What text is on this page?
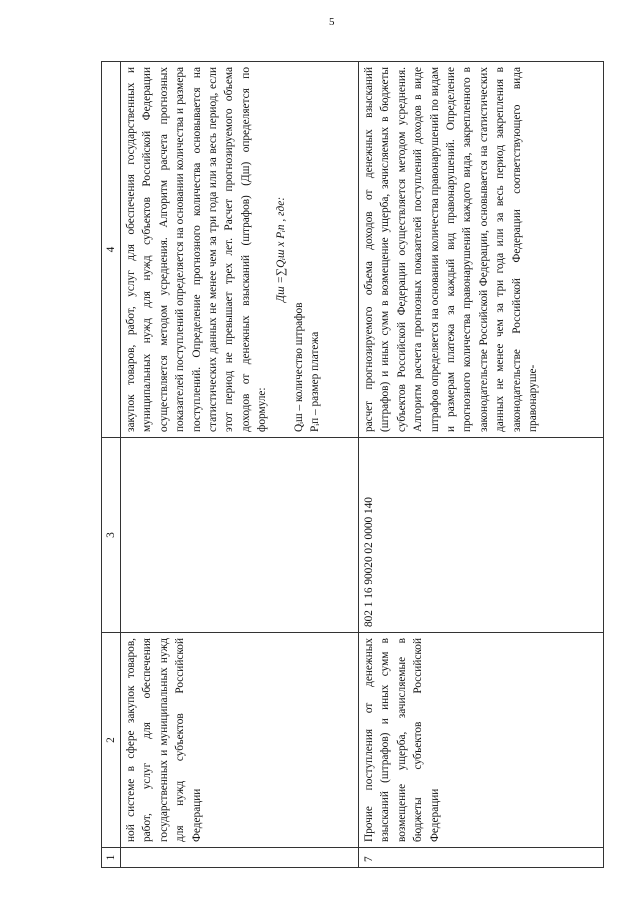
5
1	2	3	4
	ной системе в сфере закупок товаров, работ, услуг для обеспечения государственных и муниципальных нужд для нужд субъектов Российской Федерации		закупок товаров, работ, услуг для обеспечения государственных и муниципальных нужд для нужд субъектов Российской Федерации осуществляется методом усреднения. Алгоритм расчета прогнозных показателей поступлений определяется на основании количества и размера поступлений. Определение прогнозного количества основывается на статистических данных не менее чем за три года или за весь период, если этот период не превышает трех лет. Расчет прогнозируемого объема доходов от денежных взысканий (штрафов) (Дш) определяется по формуле:
Дш =∑Qᵢш x Pᵢп , где:
Qᵢш – количество штрафов Pᵢп – размер платежа

7	Прочие поступления от денежных взысканий (штрафов) и иных сумм в возмещение ущерба, зачисляемые в бюджеты субъектов Российской Федерации	802 1 16 90020 02 0000 140	расчет прогнозируемого объема доходов от денежных взысканий (штрафов) и иных сумм в возмещение ущерба, зачисляемых в бюджеты субъектов Российской Федерации осуществляется методом усреднения. Алгоритм расчета прогнозных показателей поступлений доходов в виде штрафов определяется на основании количества правонарушений по видам и размерам платежа за каждый вид правонарушений. Определение прогнозного количества правонарушений каждого вида, закрепленного в законодательстве Российской Федерации, основывается на статистических данных не менее чем за три года или за весь период закрепления в законодательстве Российской Федерации соответствующего вида правонаруше-
